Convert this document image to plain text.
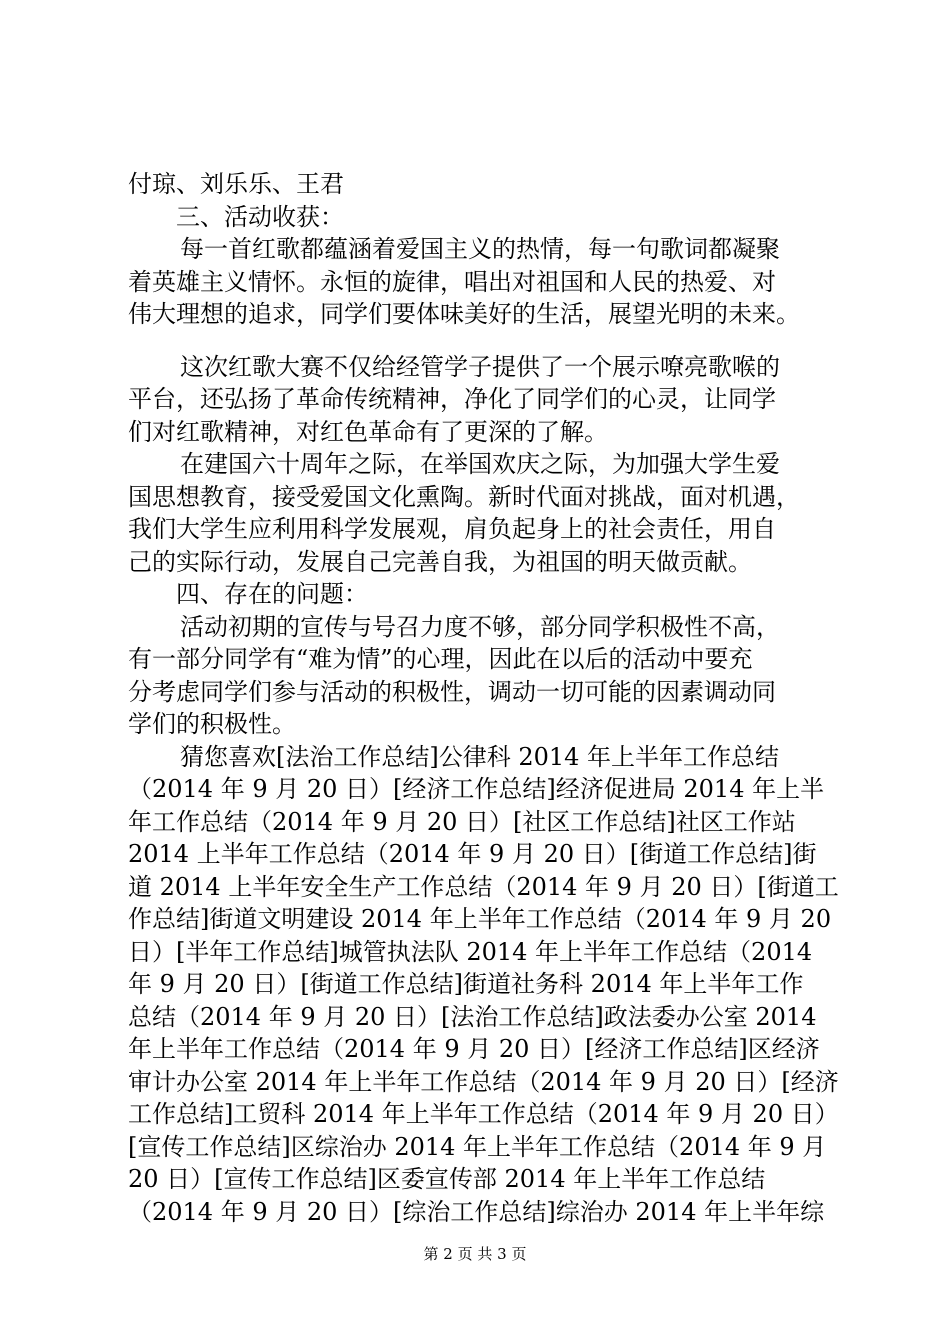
付琼、刘乐乐、王君
三、活动收获：
每一首红歌都蕴涵着爱国主义的热情，每一句歌词都凝聚
着英雄主义情怀。永恒的旋律，唱出对祖国和人民的热爱、对
伟大理想的追求，同学们要体味美好的生活，展望光明的未来。
这次红歌大赛不仅给经管学子提供了一个展示嘹亮歌喉的
平台，还弘扬了革命传统精神，净化了同学们的心灵，让同学
们对红歌精神，对红色革命有了更深的了解。
在建国六十周年之际，在举国欢庆之际，为加强大学生爱
国思想教育，接受爱国文化熏陶。新时代面对挑战，面对机遇，
我们大学生应利用科学发展观，肩负起身上的社会责任，用自
己的实际行动，发展自己完善自我，为祖国的明天做贡献。
四、存在的问题：
活动初期的宣传与号召力度不够，部分同学积极性不高，
有一部分同学有“难为情”的心理，因此在以后的活动中要充
分考虑同学们参与活动的积极性，调动一切可能的因素调动同
学们的积极性。
猜您喜欢[法治工作总结]公律科 2014 年上半年工作总结
（2014 年 9 月 20 日）[经济工作总结]经济促进局 2014 年上半
年工作总结（2014 年 9 月 20 日）[社区工作总结]社区工作站
2014 上半年工作总结（2014 年 9 月 20 日）[街道工作总结]街
道 2014 上半年安全生产工作总结（2014 年 9 月 20 日）[街道工
作总结]街道文明建设 2014 年上半年工作总结（2014 年 9 月 20
日）[半年工作总结]城管执法队 2014 年上半年工作总结（2014
年 9 月 20 日）[街道工作总结]街道社务科 2014 年上半年工作
总结（2014 年 9 月 20 日）[法治工作总结]政法委办公室 2014
年上半年工作总结（2014 年 9 月 20 日）[经济工作总结]区经济
审计办公室 2014 年上半年工作总结（2014 年 9 月 20 日）[经济
工作总结]工贸科 2014 年上半年工作总结（2014 年 9 月 20 日）
[宣传工作总结]区综治办 2014 年上半年工作总结（2014 年 9 月
20 日）[宣传工作总结]区委宣传部 2014 年上半年工作总结
（2014 年 9 月 20 日）[综治工作总结]综治办 2014 年上半年综
第 2 页 共 3 页
